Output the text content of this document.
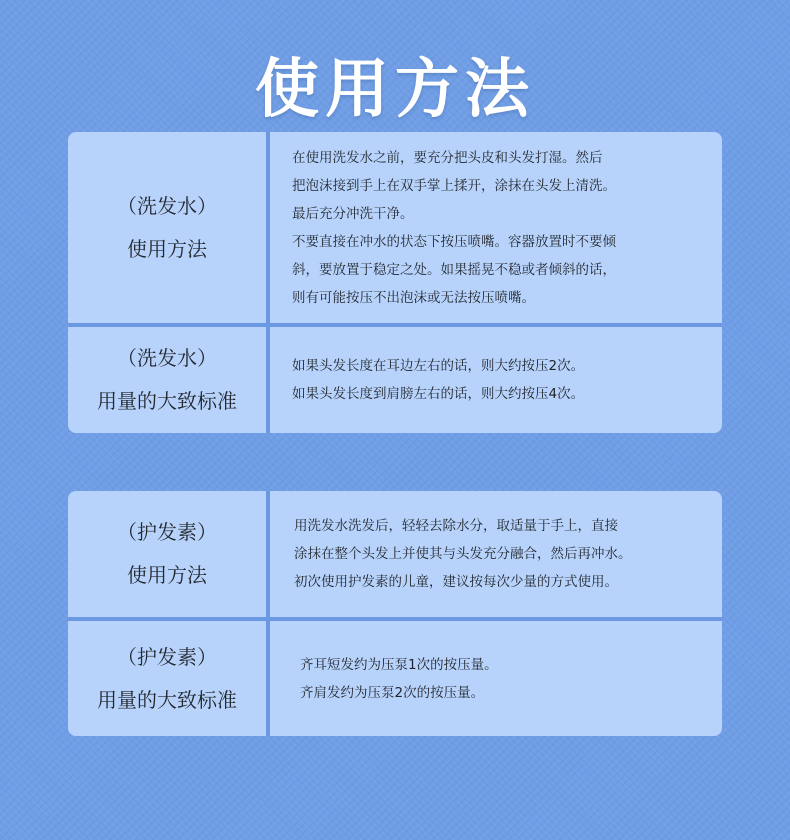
使用方法
（洗发水）
使用方法
在使用洗发水之前，要充分把头皮和头发打湿。然后
把泡沫接到手上在双手掌上揉开，涂抹在头发上清洗。
最后充分冲洗干净。
不要直接在冲水的状态下按压喷嘴。容器放置时不要倾
斜，要放置于稳定之处。如果摇晃不稳或者倾斜的话，
则有可能按压不出泡沫或无法按压喷嘴。
（洗发水）
用量的大致标准
如果头发长度在耳边左右的话，则大约按压2次。
如果头发长度到肩膀左右的话，则大约按压4次。
（护发素）
使用方法
用洗发水洗发后，轻轻去除水分，取适量于手上，直接
涂抹在整个头发上并使其与头发充分融合，然后再冲水。
初次使用护发素的儿童，建议按每次少量的方式使用。
（护发素）
用量的大致标准
齐耳短发约为压泵1次的按压量。
齐肩发约为压泵2次的按压量。
